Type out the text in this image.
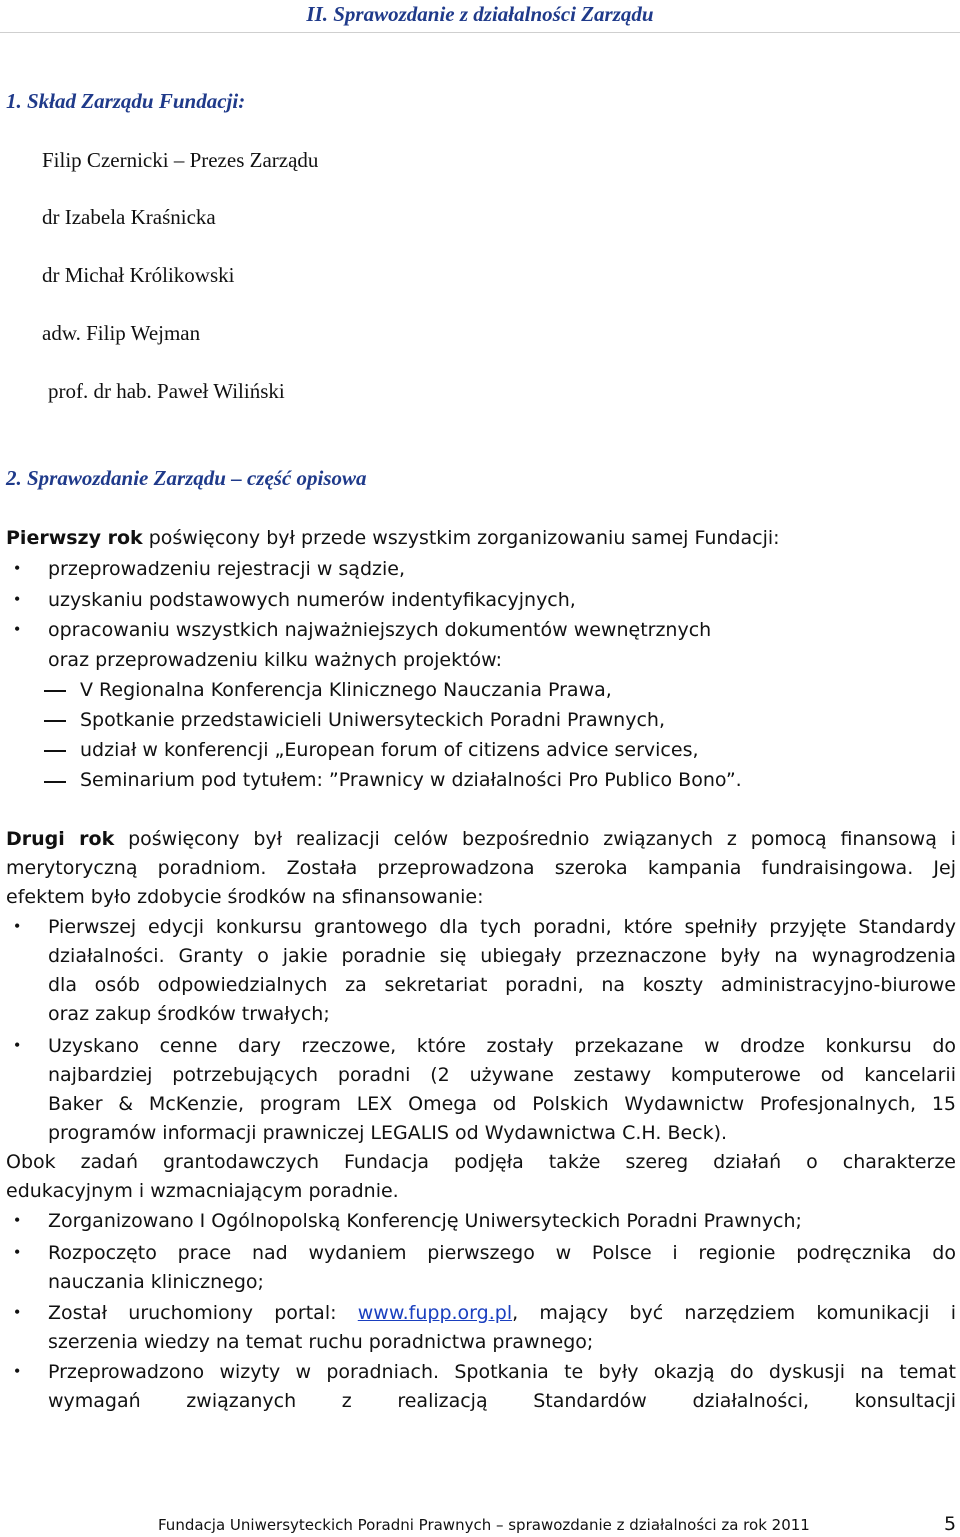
II. Sprawozdanie z działalności Zarządu
1. Skład Zarządu Fundacji:
Filip Czernicki – Prezes Zarządu
dr Izabela Kraśnicka
dr Michał Królikowski
adw. Filip Wejman
prof. dr hab. Paweł Wiliński
2. Sprawozdanie Zarządu – część opisowa
Pierwszy rok poświęcony był przede wszystkim zorganizowaniu samej Fundacji:
• przeprowadzeniu rejestracji w sądzie,
• uzyskaniu podstawowych numerów indentyfikacyjnych,
• opracowaniu wszystkich najważniejszych dokumentów wewnętrznych
oraz przeprowadzeniu kilku ważnych projektów:
V Regionalna Konferencja Klinicznego Nauczania Prawa,
Spotkanie przedstawicieli Uniwersyteckich Poradni Prawnych,
udział w konferencji „European forum of citizens advice services,
Seminarium pod tytułem: ”Prawnicy w działalności Pro Publico Bono”.
Drugi rok poświęcony był realizacji celów bezpośrednio związanych z pomocą finansową i
merytoryczną poradniom. Została przeprowadzona szeroka kampania fundraisingowa. Jej
efektem było zdobycie środków na sfinansowanie:
• Pierwszej edycji konkursu grantowego dla tych poradni, które spełniły przyjęte Standardy
działalności. Granty o jakie poradnie się ubiegały przeznaczone były na wynagrodzenia
dla osób odpowiedzialnych za sekretariat poradni, na koszty administracyjno-biurowe
oraz zakup środków trwałych;
• Uzyskano cenne dary rzeczowe, które zostały przekazane w drodze konkursu do
najbardziej potrzebujących poradni (2 używane zestawy komputerowe od kancelarii
Baker & McKenzie, program LEX Omega od Polskich Wydawnictw Profesjonalnych, 15
programów informacji prawniczej LEGALIS od Wydawnictwa C.H. Beck).
Obok zadań grantodawczych Fundacja podjęła także szereg działań o charakterze
edukacyjnym i wzmacniającym poradnie.
• Zorganizowano I Ogólnopolską Konferencję Uniwersyteckich Poradni Prawnych;
• Rozpoczęto prace nad wydaniem pierwszego w Polsce i regionie podręcznika do
nauczania klinicznego;
• Został uruchomiony portal: www.fupp.org.pl, mający być narzędziem komunikacji i
szerzenia wiedzy na temat ruchu poradnictwa prawnego;
• Przeprowadzono wizyty w poradniach. Spotkania te były okazją do dyskusji na temat
wymagań związanych z realizacją Standardów działalności, konsultacji
Fundacja Uniwersyteckich Poradni Prawnych – sprawozdanie z działalności za rok 2011	5
